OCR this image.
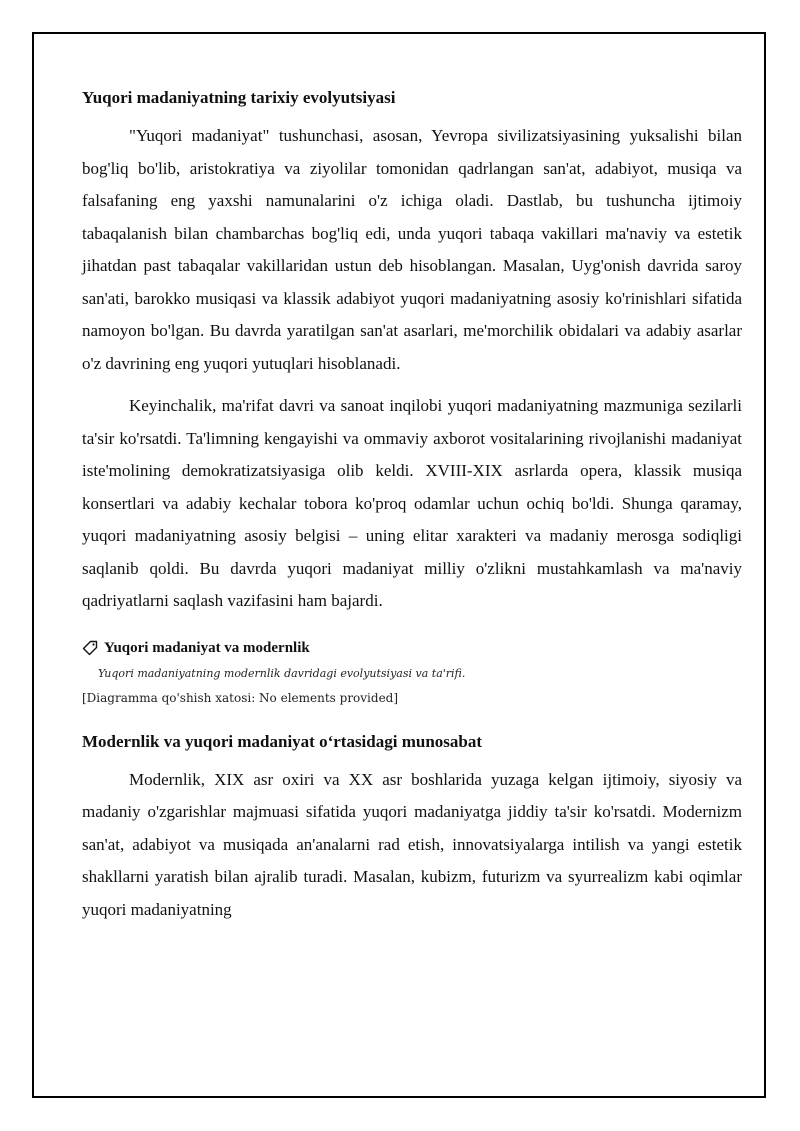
Yuqori madaniyatning tarixiy evolyutsiyasi

"Yuqori madaniyat" tushunchasi, asosan, Yevropa sivilizatsiyasining yuksalishi bilan bog'liq bo'lib, aristokratiya va ziyolilar tomonidan qadrlangan san'at, adabiyot, musiqa va falsafaning eng yaxshi namunalarini o'z ichiga oladi. Dastlab, bu tushuncha ijtimoiy tabaqalanish bilan chambarchas bog'liq edi, unda yuqori tabaqa vakillari ma'naviy va estetik jihatdan past tabaqalar vakillaridan ustun deb hisoblangan. Masalan, Uyg'onish davrida saroy san'ati, barokko musiqasi va klassik adabiyot yuqori madaniyatning asosiy ko'rinishlari sifatida namoyon bo'lgan. Bu davrda yaratilgan san'at asarlari, me'morchilik obidalari va adabiy asarlar o'z davrining eng yuqori yutuqlari hisoblanadi.

Keyinchalik, ma'rifat davri va sanoat inqilobi yuqori madaniyatning mazmuniga sezilarli ta'sir ko'rsatdi. Ta'limning kengayishi va ommaviy axborot vositalarining rivojlanishi madaniyat iste'molining demokratizatsiyasiga olib keldi. XVIII-XIX asrlarda opera, klassik musiqa konsertlari va adabiy kechalar tobora ko'proq odamlar uchun ochiq bo'ldi. Shunga qaramay, yuqori madaniyatning asosiy belgisi – uning elitar xarakteri va madaniy merosga sodiqligi saqlanib qoldi. Bu davrda yuqori madaniyat milliy o'zlikni mustahkamlash va ma'naviy qadriyatlarni saqlash vazifasini ham bajardi.

Yuqori madaniyat va modernlik
Yuqori madaniyatning modernlik davridagi evolyutsiyasi va ta'rifi.
[Diagramma qo'shish xatosi: No elements provided]
Modernlik va yuqori madaniyat oʻrtasidagi munosabat

Modernlik, XIX asr oxiri va XX asr boshlarida yuzaga kelgan ijtimoiy, siyosiy va madaniy o'zgarishlar majmuasi sifatida yuqori madaniyatga jiddiy ta'sir ko'rsatdi. Modernizm san'at, adabiyot va musiqada an'analarni rad etish, innovatsiyalarga intilish va yangi estetik shakllarni yaratish bilan ajralib turadi. Masalan, kubizm, futurizm va syurrealizm kabi oqimlar yuqori madaniyatning
